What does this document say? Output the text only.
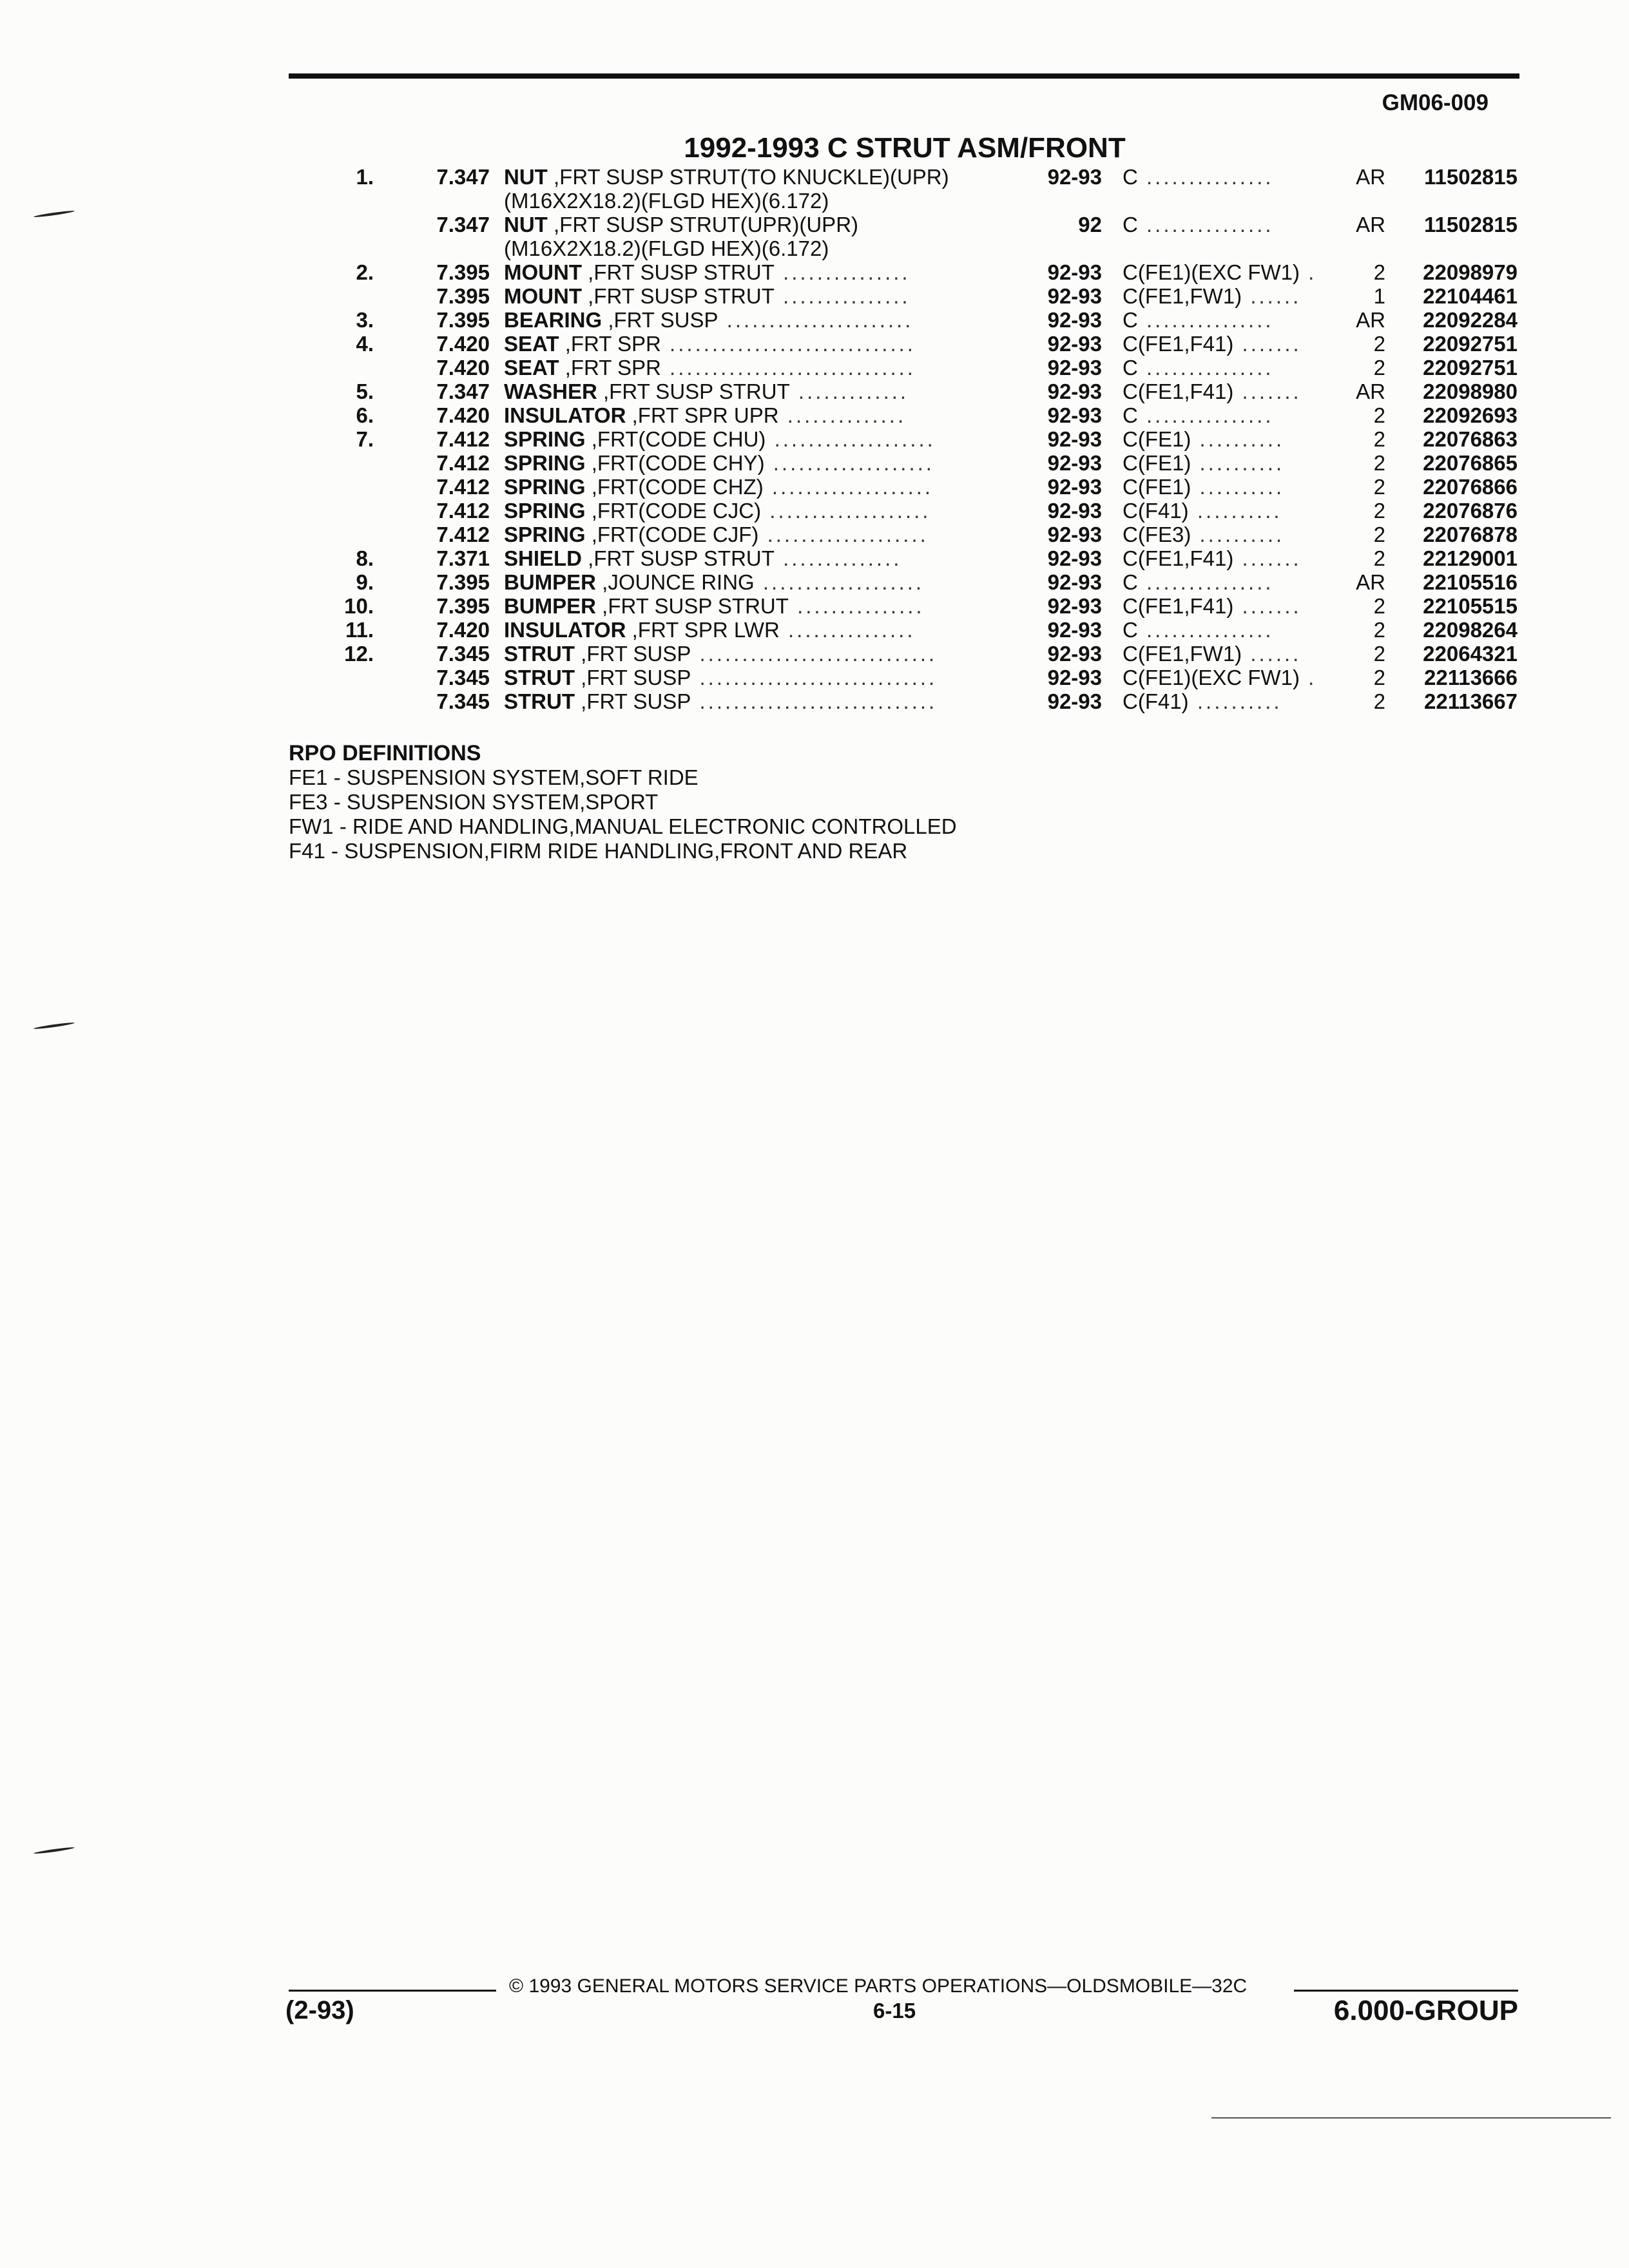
GM06-009
1992-1993 C STRUT ASM/FRONT
1.	7.347 NUT ,FRT SUSP STRUT(TO KNUCKLE)(UPR)	92-93 C ...............	AR	11502815
(M16X2X18.2)(FLGD HEX)(6.172)
7.347 NUT ,FRT SUSP STRUT(UPR)(UPR)	92 C ...............	AR	11502815
(M16X2X18.2)(FLGD HEX)(6.172)
2.	7.395 MOUNT ,FRT SUSP STRUT ...............	92-93 C(FE1)(EXC FW1) .	2	22098979
7.395 MOUNT ,FRT SUSP STRUT ...............	92-93 C(FE1,FW1) ......	1	22104461
3.	7.395 BEARING ,FRT SUSP ......................	92-93 C ...............	AR	22092284
4.	7.420 SEAT ,FRT SPR .............................	92-93 C(FE1,F41) .......	2	22092751
7.420 SEAT ,FRT SPR .............................	92-93 C ...............	2	22092751
5.	7.347 WASHER ,FRT SUSP STRUT .............	92-93 C(FE1,F41) .......	AR	22098980
6.	7.420 INSULATOR ,FRT SPR UPR ..............	92-93 C ...............	2	22092693
7.	7.412 SPRING ,FRT(CODE CHU) ...................	92-93 C(FE1) ..........	2	22076863
7.412 SPRING ,FRT(CODE CHY) ...................	92-93 C(FE1) ..........	2	22076865
7.412 SPRING ,FRT(CODE CHZ) ...................	92-93 C(FE1) ..........	2	22076866
7.412 SPRING ,FRT(CODE CJC) ...................	92-93 C(F41) ..........	2	22076876
7.412 SPRING ,FRT(CODE CJF) ...................	92-93 C(FE3) ..........	2	22076878
8.	7.371 SHIELD ,FRT SUSP STRUT ..............	92-93 C(FE1,F41) .......	2	22129001
9.	7.395 BUMPER ,JOUNCE RING ...................	92-93 C ...............	AR	22105516
10.	7.395 BUMPER ,FRT SUSP STRUT ...............	92-93 C(FE1,F41) .......	2	22105515
11.	7.420 INSULATOR ,FRT SPR LWR ...............	92-93 C ...............	2	22098264
12.	7.345 STRUT ,FRT SUSP ............................	92-93 C(FE1,FW1) ......	2	22064321
7.345 STRUT ,FRT SUSP ............................	92-93 C(FE1)(EXC FW1) .	2	22113666
7.345 STRUT ,FRT SUSP ............................	92-93 C(F41) ..........	2	22113667
RPO DEFINITIONS
FE1 - SUSPENSION SYSTEM,SOFT RIDE
FE3 - SUSPENSION SYSTEM,SPORT
FW1 - RIDE AND HANDLING,MANUAL ELECTRONIC CONTROLLED
F41 - SUSPENSION,FIRM RIDE HANDLING,FRONT AND REAR
© 1993 GENERAL MOTORS SERVICE PARTS OPERATIONS—OLDSMOBILE—32C
(2-93)	6-15	6.000-GROUP
